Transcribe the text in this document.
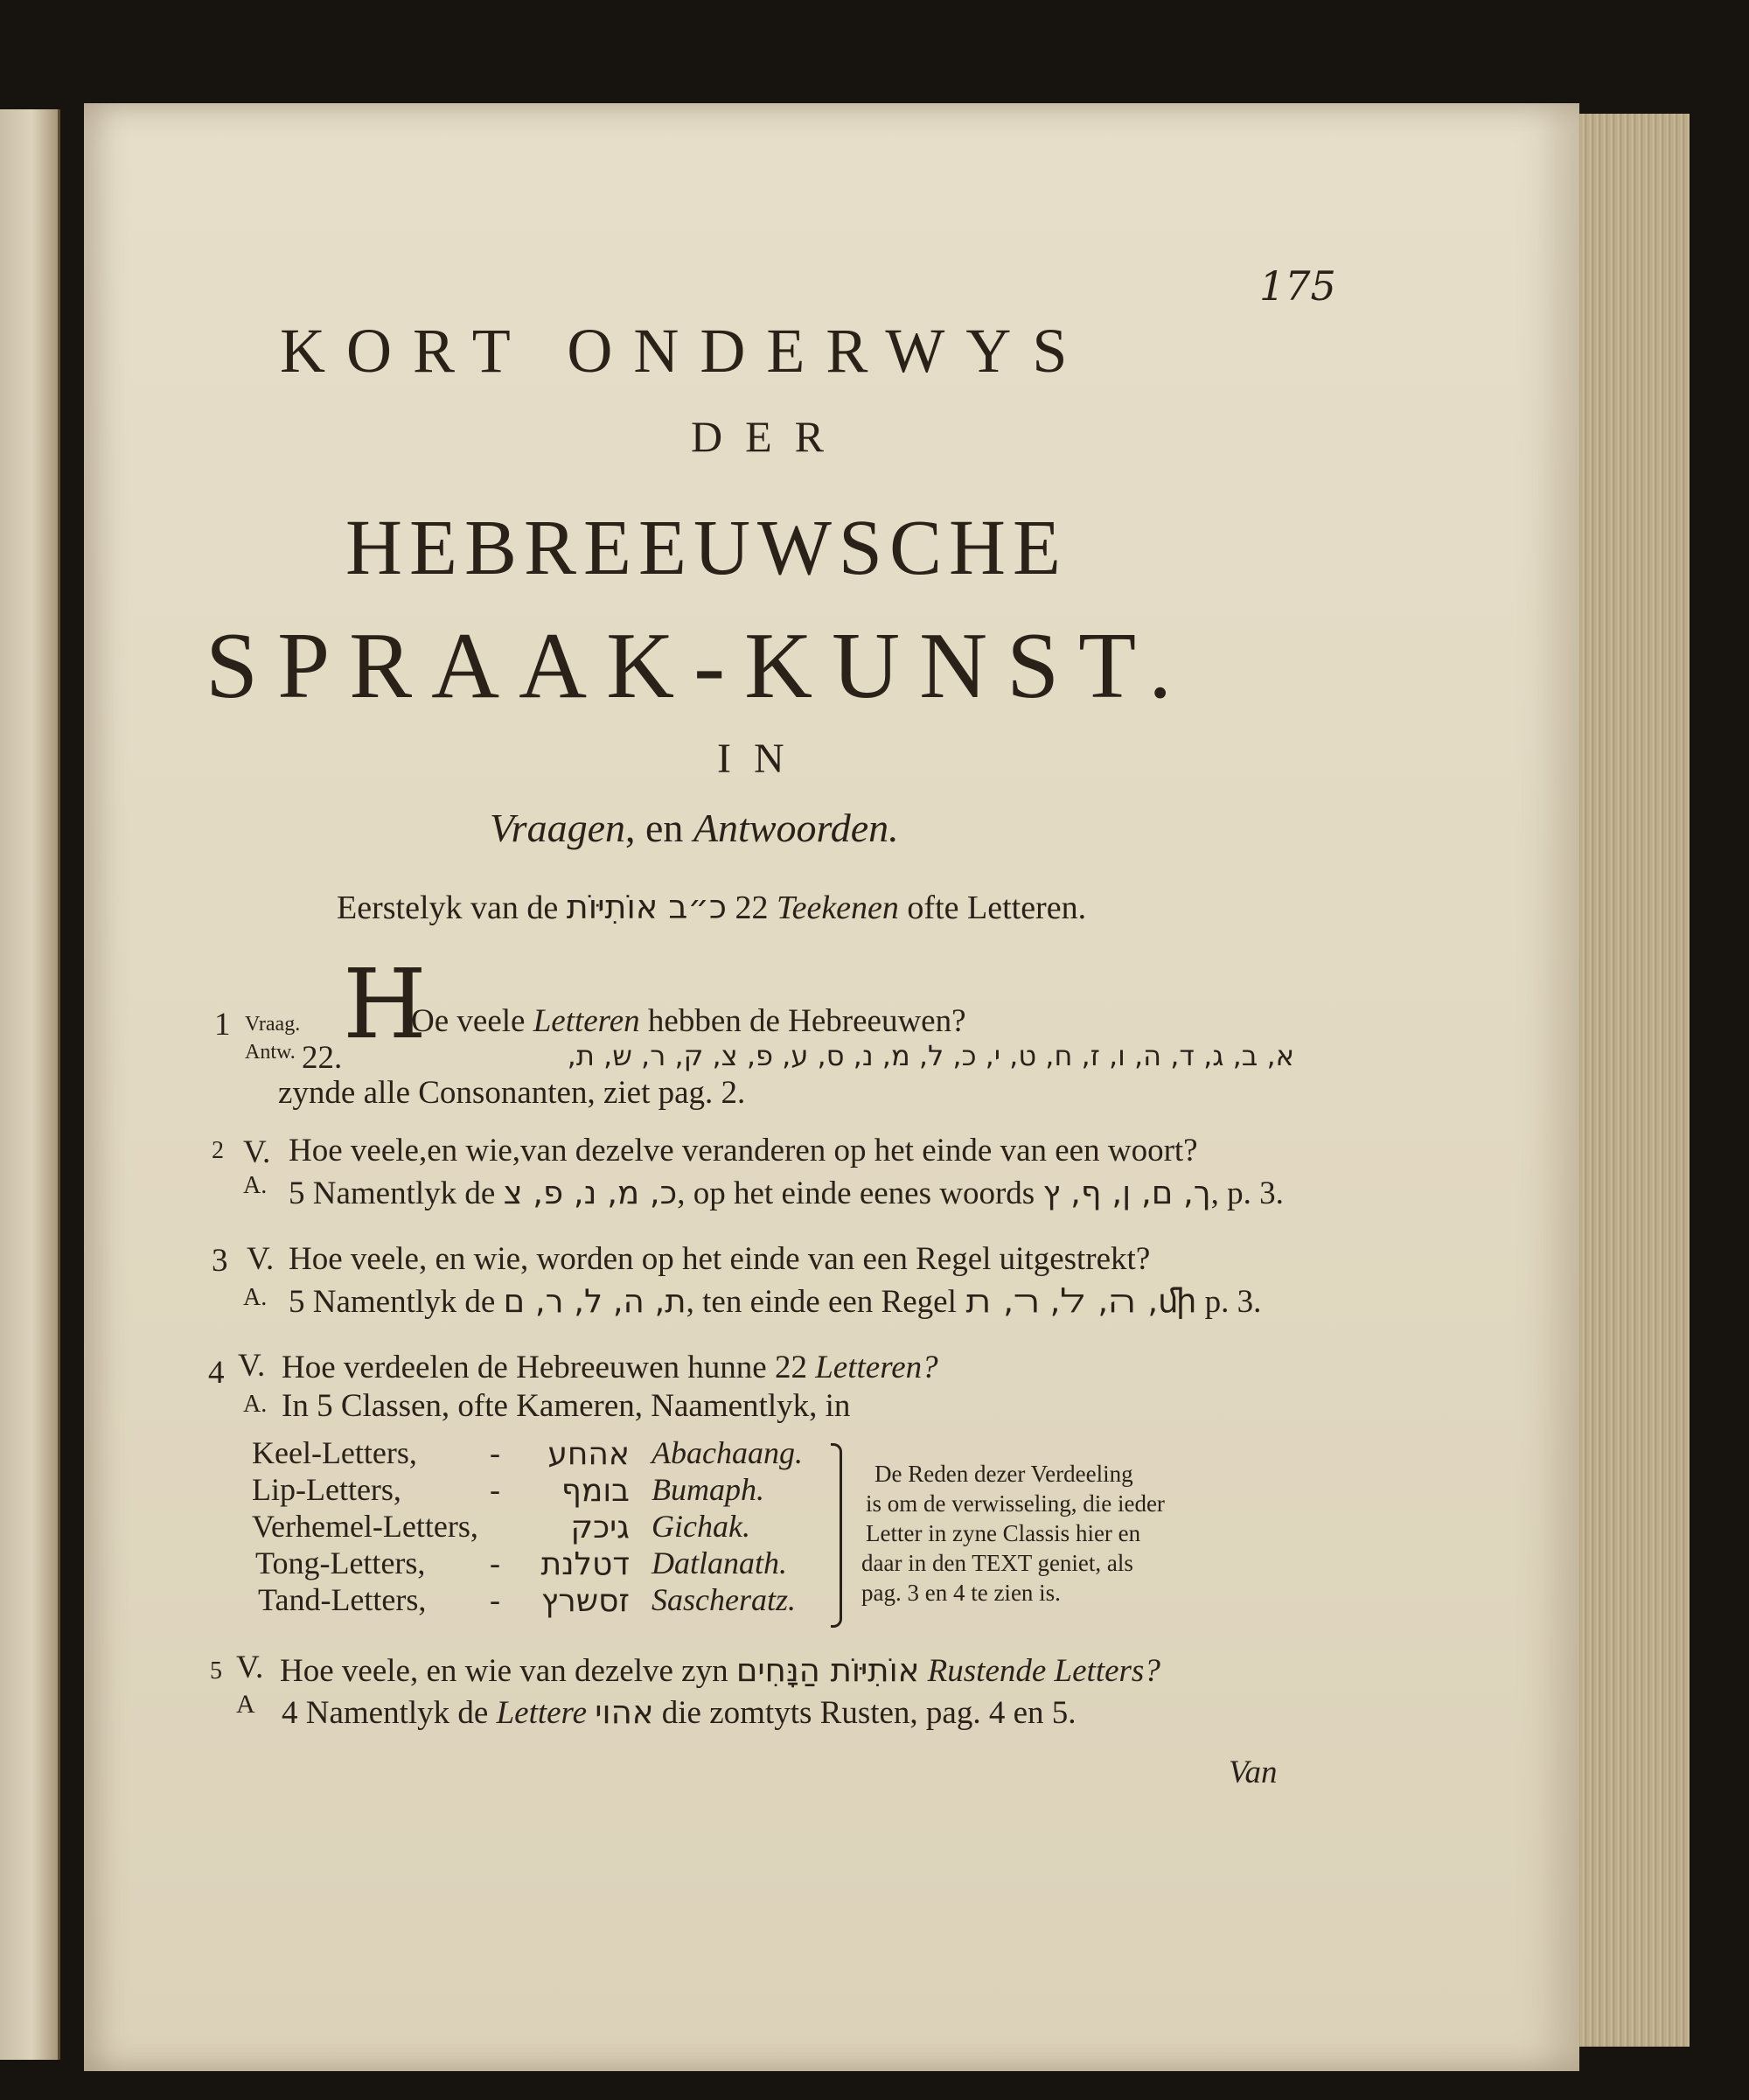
175
KORT ONDERWYS
DER
HEBREEUWSCHE
SPRAAK-KUNST.
IN
Vraagen, en Antwoorden.
Eerstelyk van de כ״ב אוֹתִיּוֹת 22 Teekenen ofte Letteren.
1 Vraag. H
Oe veele Letteren hebben de Hebreeuwen?
Antw. 22.	א, ב, ג, ד, ה, ו, ז, ח, ט, י, כ, ל, מ, נ, ס, ע, פ, צ, ק, ר, ש, ת,
zynde alle Consonanten, ziet pag. 2.
2 V. Hoe veele,en wie,van dezelve veranderen op het einde van een woort?
A. 5 Namentlyk de כ, מ, נ, פ, צ, op het einde eenes woords ך, ם, ן, ף, ץ, p. 3.
3 V. Hoe veele, en wie, worden op het einde van een Regel uitgestrekt?
A. 5 Namentlyk de ת, ה, ל, ר, ם, ten einde een Regel ﬕ, ﬣ, ﬥ, ﬧ, ﬨ p. 3.
4 V. Hoe verdeelen de Hebreeuwen hunne 22 Letteren?
A. In 5 Classen, ofte Kameren, Naamentlyk, in
Keel-Letters, -	אהחע Abachaang.
Lip-Letters,	-	בומף Bumaph.
Verhemel-Letters,	גיכק Gichak.
Tong-Letters, - דטלנת Datlanath.
Tand-Letters, - זסשרץ Sascheratz.
De Reden dezer Verdeeling
is om de verwisseling, die ieder
Letter in zyne Classis hier en
daar in den TEXT geniet, als
pag. 3 en 4 te zien is.
5 V. Hoe veele, en wie van dezelve zyn אוֹתִיּוֹת הַנָּחִים Rustende Letters?
A 4 Namentlyk de Lettere אהוי die zomtyts Rusten, pag. 4 en 5.
Van
